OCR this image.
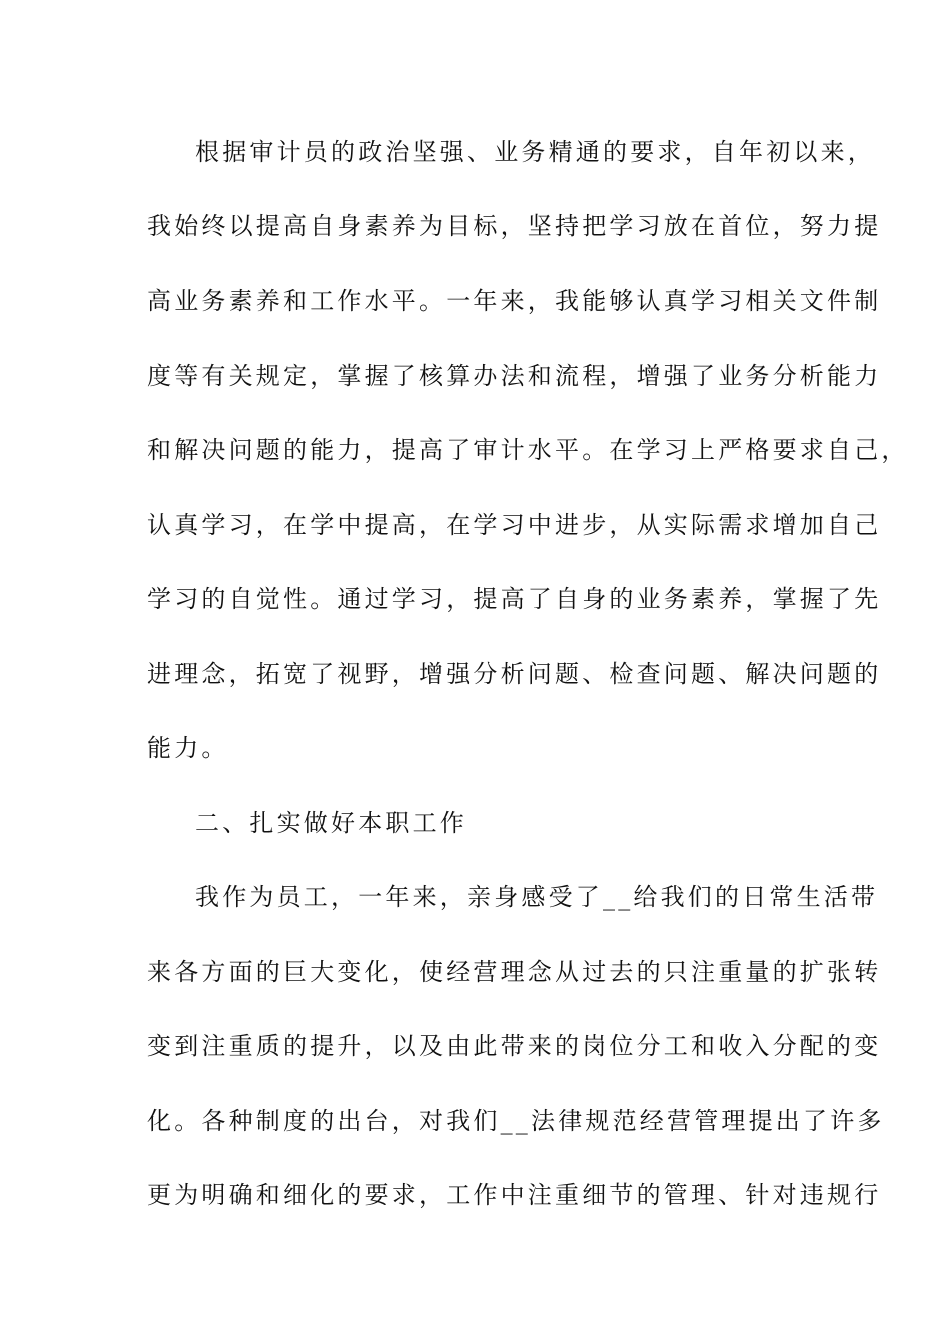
根据审计员的政治坚强、业务精通的要求，自年初以来，
我始终以提高自身素养为目标，坚持把学习放在首位，努力提
高业务素养和工作水平。一年来，我能够认真学习相关文件制
度等有关规定，掌握了核算办法和流程，增强了业务分析能力
和解决问题的能力，提高了审计水平。在学习上严格要求自己，
认真学习，在学中提高，在学习中进步，从实际需求增加自己
学习的自觉性。通过学习，提高了自身的业务素养，掌握了先
进理念，拓宽了视野，增强分析问题、检查问题、解决问题的
能力。
二、扎实做好本职工作
我作为员工，一年来，亲身感受了__给我们的日常生活带
来各方面的巨大变化，使经营理念从过去的只注重量的扩张转
变到注重质的提升，以及由此带来的岗位分工和收入分配的变
化。各种制度的出台，对我们__法律规范经营管理提出了许多
更为明确和细化的要求，工作中注重细节的管理、针对违规行
